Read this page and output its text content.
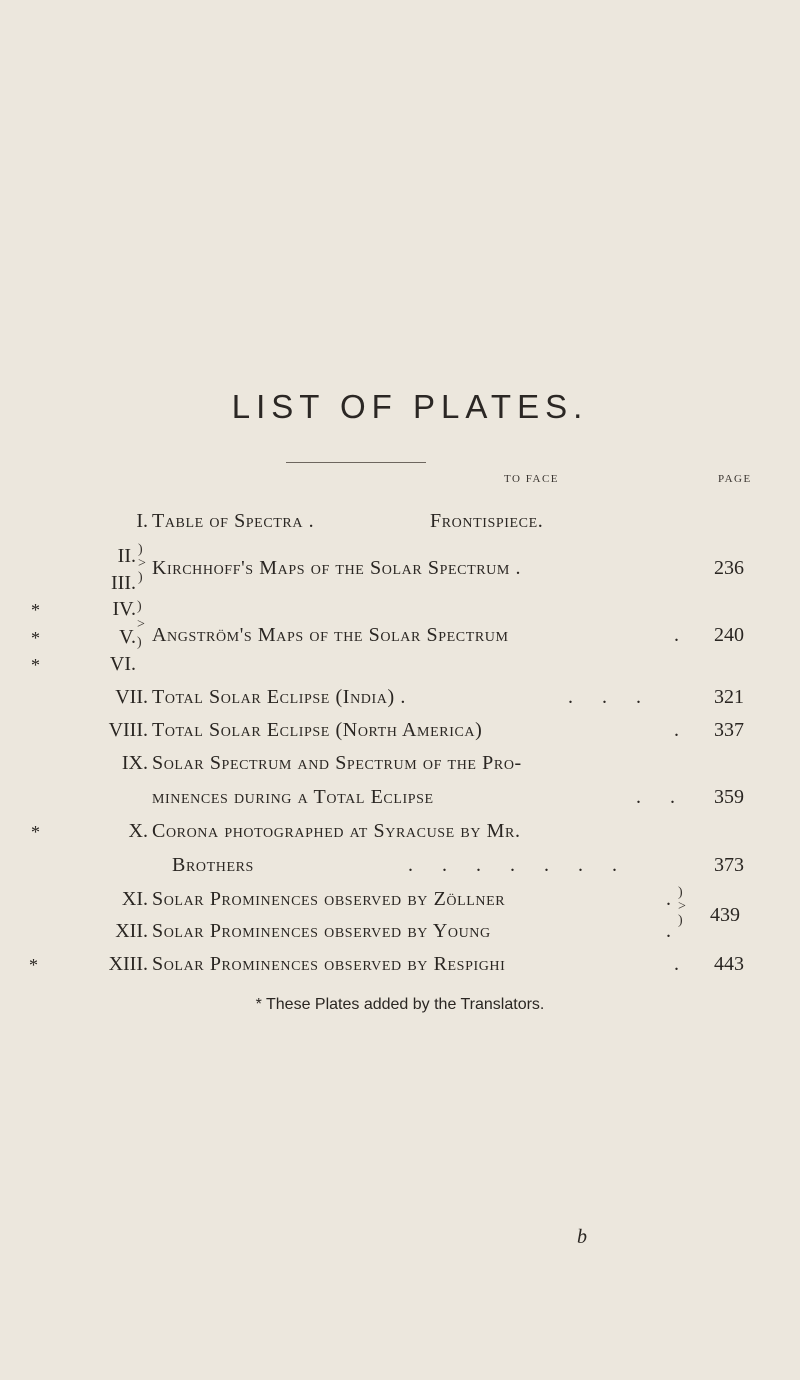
LIST OF PLATES.
TO FACE	PAGE
I. Table of Spectra .	Frontispiece.
II.
III.
)
>
) Kirchhoff's Maps of the Solar Spectrum .	236
*	IV.
*	V.
*	VI.
)
>
) Angström's Maps of the Solar Spectrum	.	240
VII. Total Solar Eclipse (India) .	. . .	321
VIII. Total Solar Eclipse (North America)	.	337
IX. Solar Spectrum and Spectrum of the Pro-
minences during a Total Eclipse	. .	359
*	X. Corona photographed at Syracuse by Mr.
Brothers	. . . . . . .	373
XI. Solar Prominences observed by Zöllner	.
XII. Solar Prominences observed by Young	.
)
>
)	439
*	XIII. Solar Prominences observed by Respighi	.	443
* These Plates added by the Translators.
b
